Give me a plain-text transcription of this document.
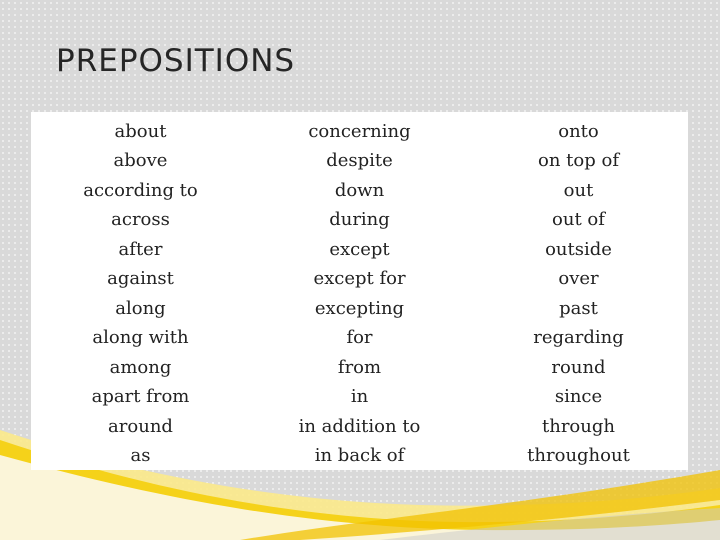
PREPOSITIONS
about
above
according to
across
after
against
along
along with
among
apart from
around
as
concerning
despite
down
during
except
except for
excepting
for
from
in
in addition to
in back of
onto
on top of
out
out of
outside
over
past
regarding
round
since
through
throughout
